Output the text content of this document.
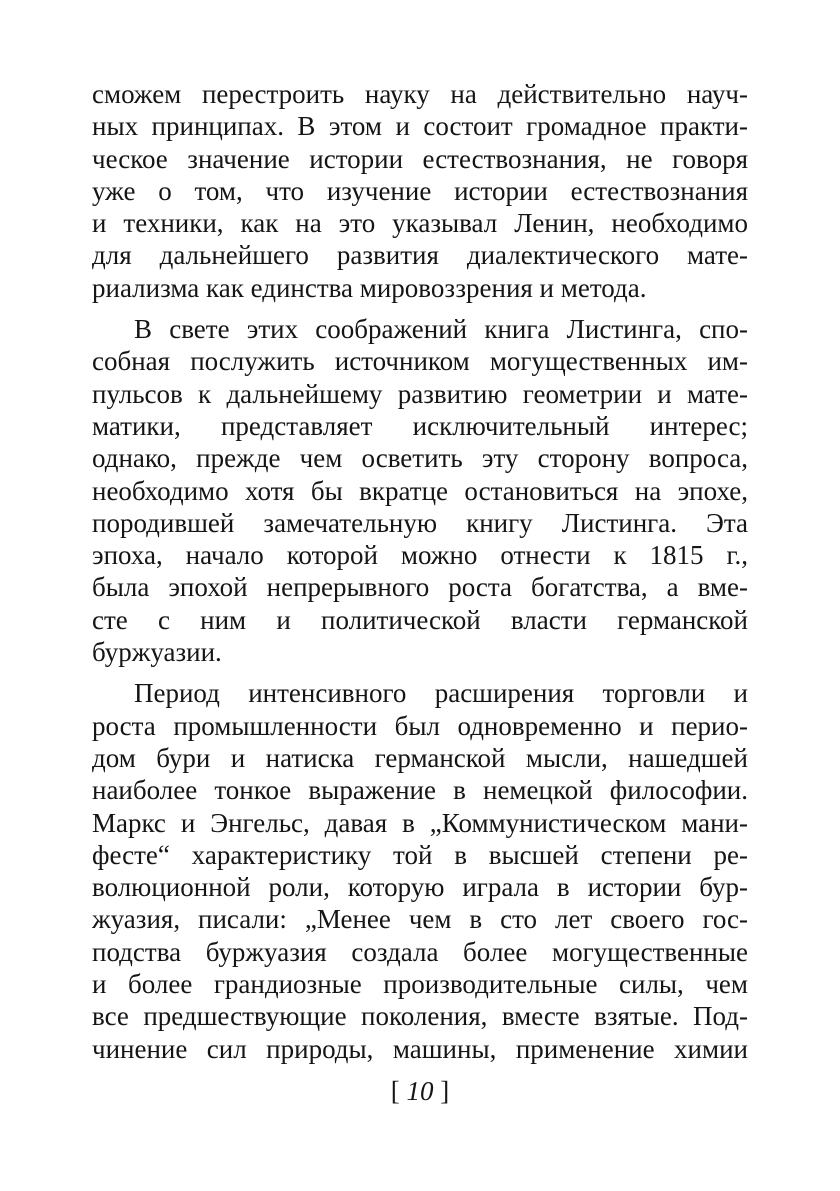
сможем перестроить науку на действительно науч-
ных принципах. В этом и состоит громадное практи-
ческое значение истории естествознания, не говоря
уже о том, что изучение истории естествознания
и техники, как на это указывал Ленин, необходимо
для дальнейшего развития диалектического мате-
риализма как единства мировоззрения и метода.
В свете этих соображений книга Листинга, спо-
собная послужить источником могущественных им-
пульсов к дальнейшему развитию геометрии и мате-
матики, представляет исключительный интерес;
однако, прежде чем осветить эту сторону вопроса,
необходимо хотя бы вкратце остановиться на эпохе,
породившей замечательную книгу Листинга. Эта
эпоха, начало которой можно отнести к 1815 г.,
была эпохой непрерывного роста богатства, а вме-
сте с ним и политической власти германской
буржуазии.
Период интенсивного расширения торговли и
роста промышленности был одновременно и перио-
дом бури и натиска германской мысли, нашедшей
наиболее тонкое выражение в немецкой философии.
Маркс и Энгельс, давая в „Коммунистическом мани-
фесте“ характеристику той в высшей степени ре-
волюционной роли, которую играла в истории бур-
жуазия, писали: „Менее чем в сто лет своего гос-
подства буржуазия создала более могущественные
и более грандиозные производительные силы, чем
все предшествующие поколения, вместе взятые. Под-
чинение сил природы, машины, применение химии
[ 10 ]
